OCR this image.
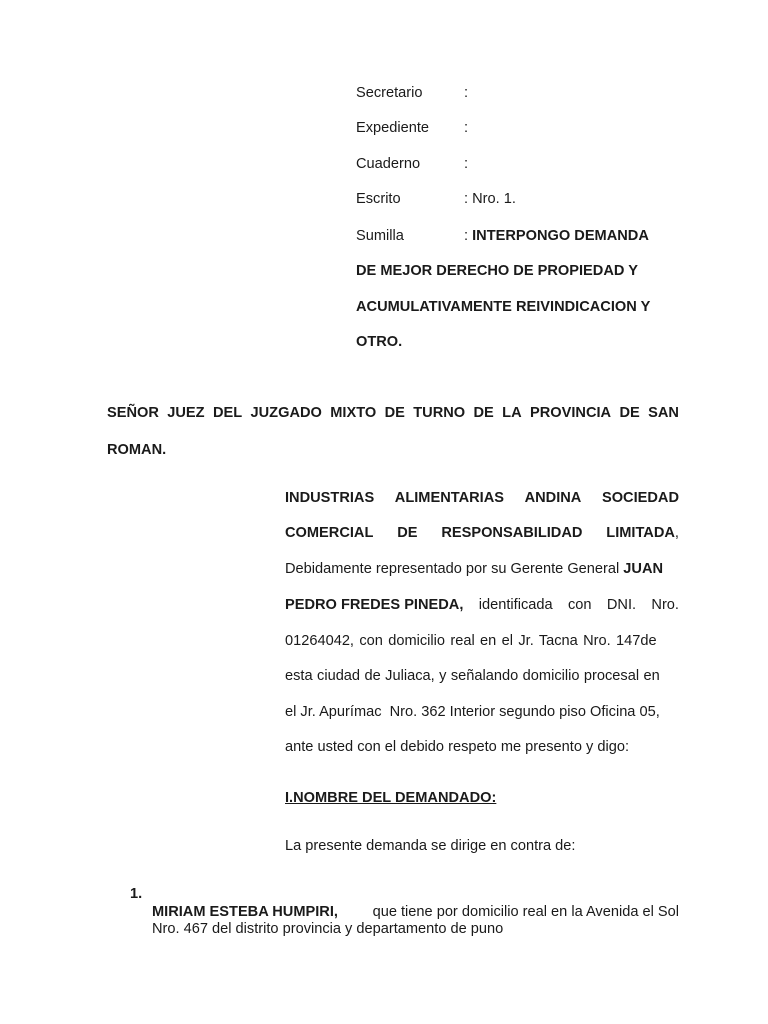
Secretario	:
Expediente :
Cuaderno	:
Escrito	: Nro. 1.
Sumilla	: INTERPONGO DEMANDA
DE MEJOR DERECHO DE PROPIEDAD Y
ACUMULATIVAMENTE REIVINDICACION Y
OTRO.
SEÑOR JUEZ DEL JUZGADO MIXTO DE TURNO DE LA PROVINCIA DE SAN
ROMAN.
INDUSTRIAS ALIMENTARIAS ANDINA SOCIEDAD
COMERCIAL DE RESPONSABILIDAD LIMITADA,
Debidamente representado por su Gerente General JUAN
PEDRO FREDES PINEDA, identificada con DNI. Nro.
01264042, con domicilio real en el Jr. Tacna Nro. 147de
esta ciudad de Juliaca, y señalando domicilio procesal en
el Jr. Apurímac  Nro. 362 Interior segundo piso Oficina 05,
ante usted con el debido respeto me presento y digo:
I.NOMBRE DEL DEMANDADO:
La presente demanda se dirige en contra de:
1.
MIRIAM ESTEBA HUMPIRI, que tiene por domicilio real en la Avenida el Sol
Nro. 467 del distrito provincia y departamento de puno
